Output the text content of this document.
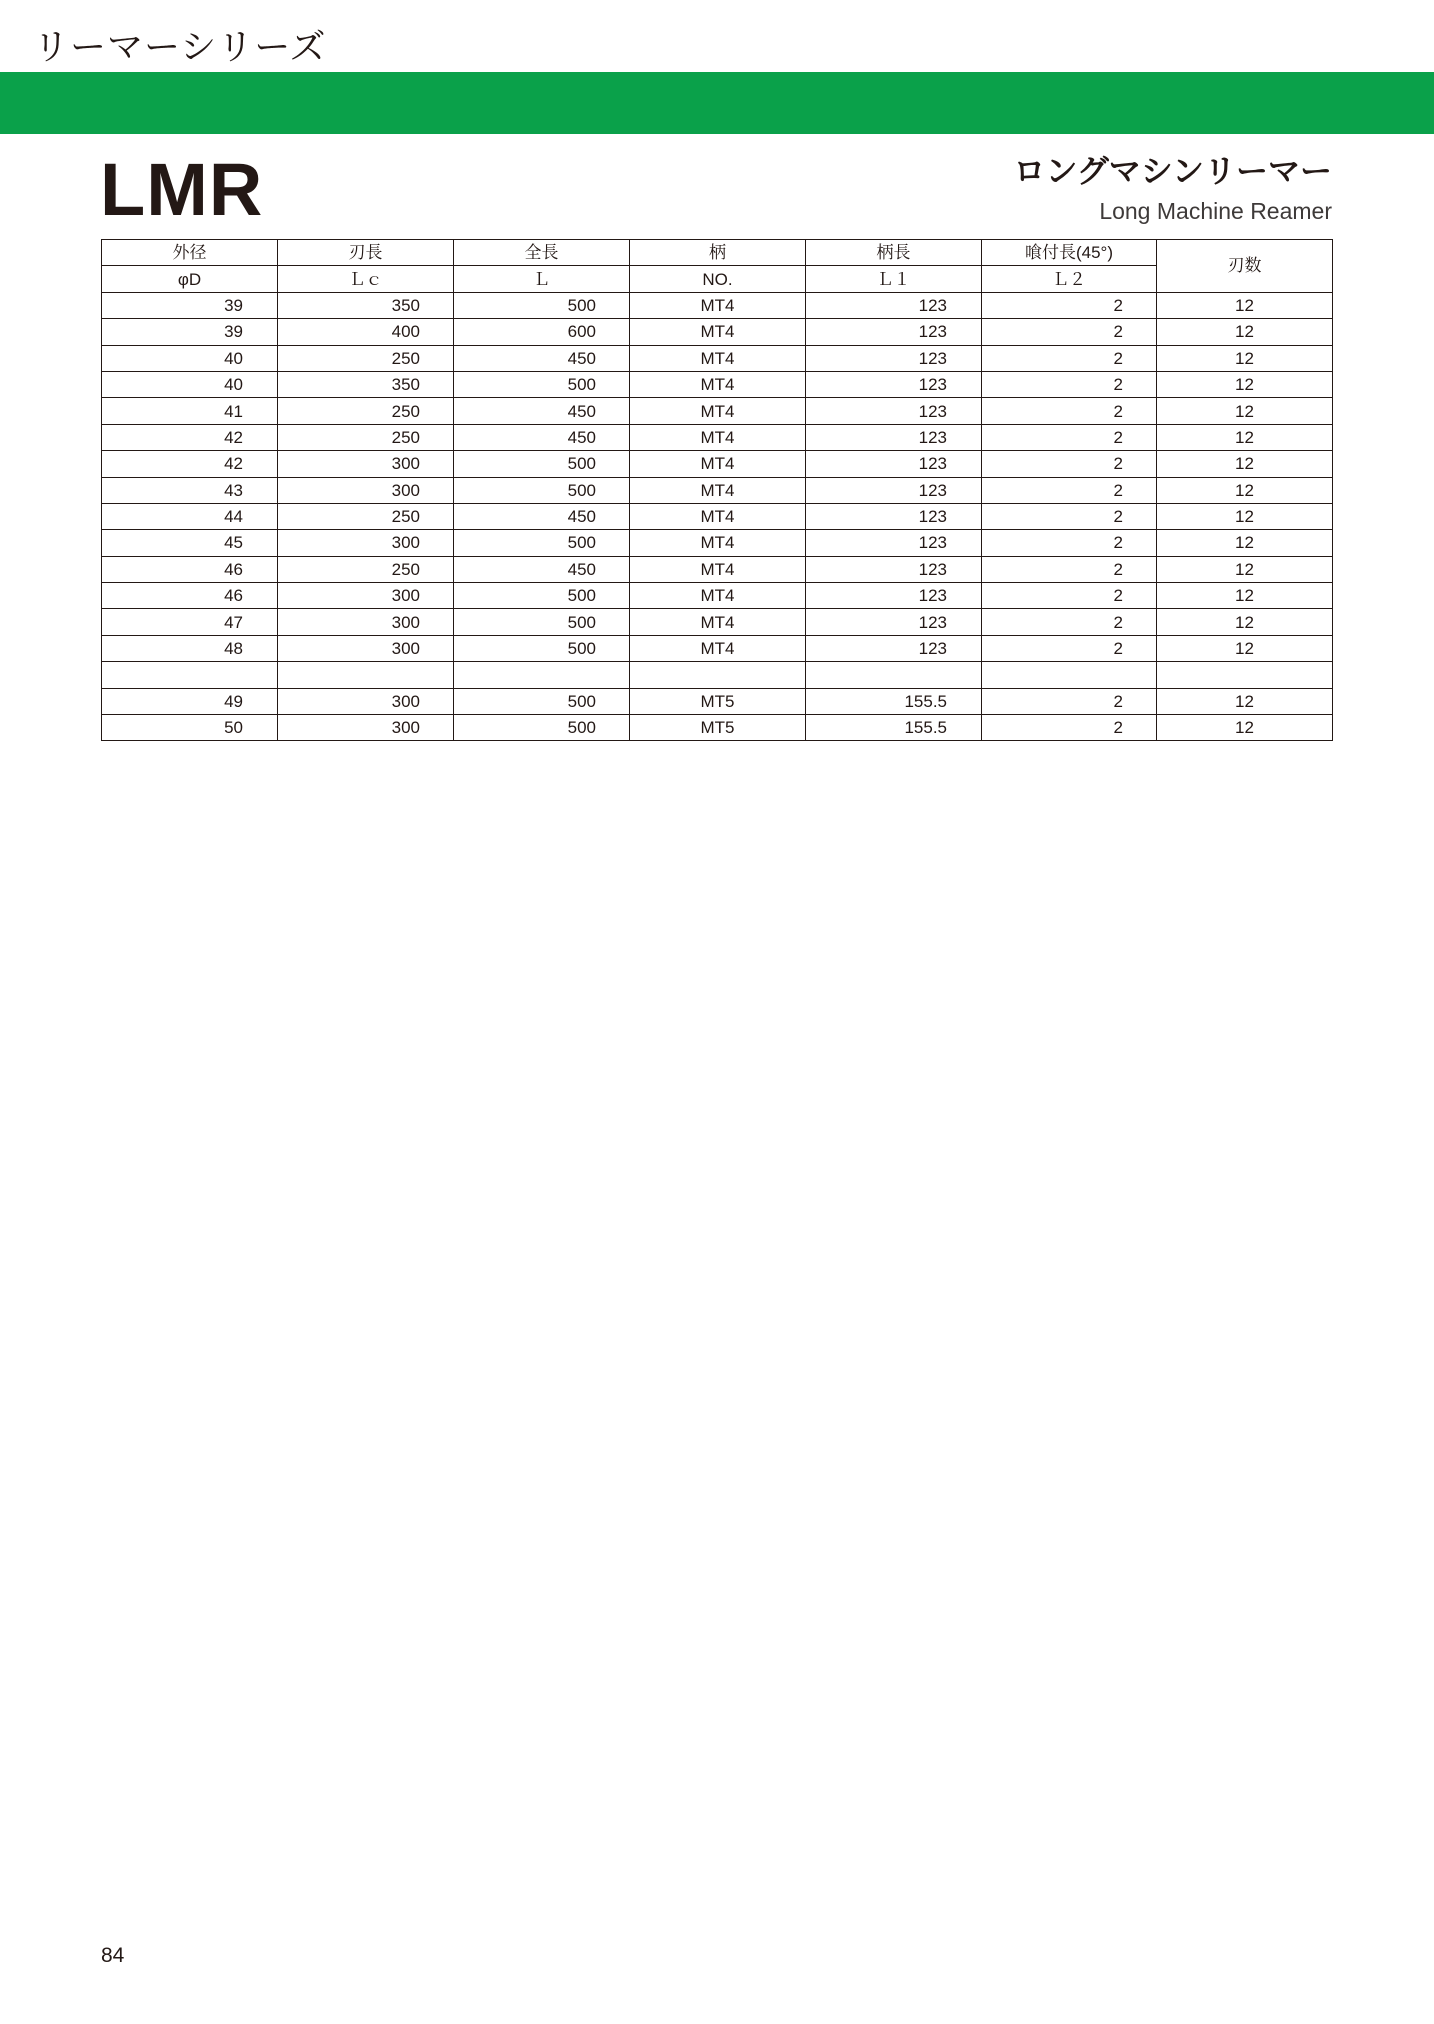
リーマーシリーズ
LMR	ロングマシンリーマー
Long Machine Reamer
外径	刃長	全長	柄	柄長	喰付長(45°)	刃数
φD	Ｌｃ	Ｌ	NO.	Ｌ１	Ｌ２	
39	350	500	MT4	123	2	12
39	400	600	MT4	123	2	12
40	250	450	MT4	123	2	12
40	350	500	MT4	123	2	12
41	250	450	MT4	123	2	12
42	250	450	MT4	123	2	12
42	300	500	MT4	123	2	12
43	300	500	MT4	123	2	12
44	250	450	MT4	123	2	12
45	300	500	MT4	123	2	12
46	250	450	MT4	123	2	12
46	300	500	MT4	123	2	12
47	300	500	MT4	123	2	12
48	300	500	MT4	123	2	12

49	300	500	MT5	155.5	2	12
50	300	500	MT5	155.5	2	12
84
